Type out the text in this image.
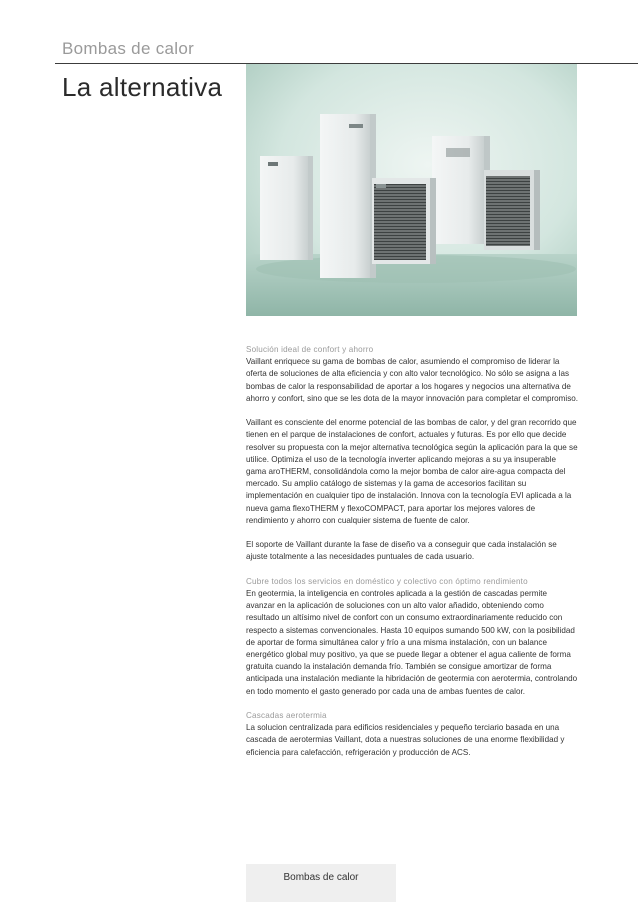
Bombas de calor
La alternativa
Solución ideal de confort y ahorro

Vaillant enriquece su gama de bombas de calor, asumiendo el compromiso de liderar la oferta de soluciones de alta eficiencia y con alto valor tecnológico. No sólo se asigna a las bombas de calor la responsabilidad de aportar a los hogares y negocios una alternativa de ahorro y confort, sino que se les dota de la mayor innovación para completar el compromiso.

Vaillant es consciente del enorme potencial de las bombas de calor, y del gran recorrido que tienen en el parque de instalaciones de confort, actuales y futuras. Es por ello que decide resolver su propuesta con la mejor alternativa tecnológica según la aplicación para la que se utilice. Optimiza el uso de la tecnología inverter aplicando mejoras a su ya insuperable gama aroTHERM, consolidándola como la mejor bomba de calor aire-agua compacta del mercado. Su amplio catálogo de sistemas y la gama de accesorios facilitan su implementación en cualquier tipo de instalación. Innova con la tecnología EVI aplicada a la nueva gama flexoTHERM y flexoCOMPACT, para aportar los mejores valores de rendimiento y ahorro con cualquier sistema de fuente de calor.

El soporte de Vaillant durante la fase de diseño va a conseguir que cada instalación se ajuste totalmente a las necesidades puntuales de cada usuario.

Cubre todos los servicios en doméstico y colectivo con óptimo rendimiento

En geotermia, la inteligencia en controles aplicada a la gestión de cascadas permite avanzar en la aplicación de soluciones con un alto valor añadido, obteniendo como resultado un altísimo nivel de confort con un consumo extraordinariamente reducido con respecto a sistemas convencionales. Hasta 10 equipos sumando 500 kW, con la posibilidad de aportar de forma simultánea calor y frío a una misma instalación, con un balance energético global muy positivo, ya que se puede llegar a obtener el agua caliente de forma gratuita cuando la instalación demanda frío. También se consigue amortizar de forma anticipada una instalación mediante la hibridación de geotermia con aerotermia, controlando en todo momento el gasto generado por cada una de ambas fuentes de calor.

Cascadas aerotermia

La solucion centralizada para edificios residenciales y pequeño terciario basada en una cascada de aerotermias Vaillant, dota a nuestras soluciones de una enorme flexibilidad y eficiencia para calefacción, refrigeración y producción de ACS.

Bombas de calor
